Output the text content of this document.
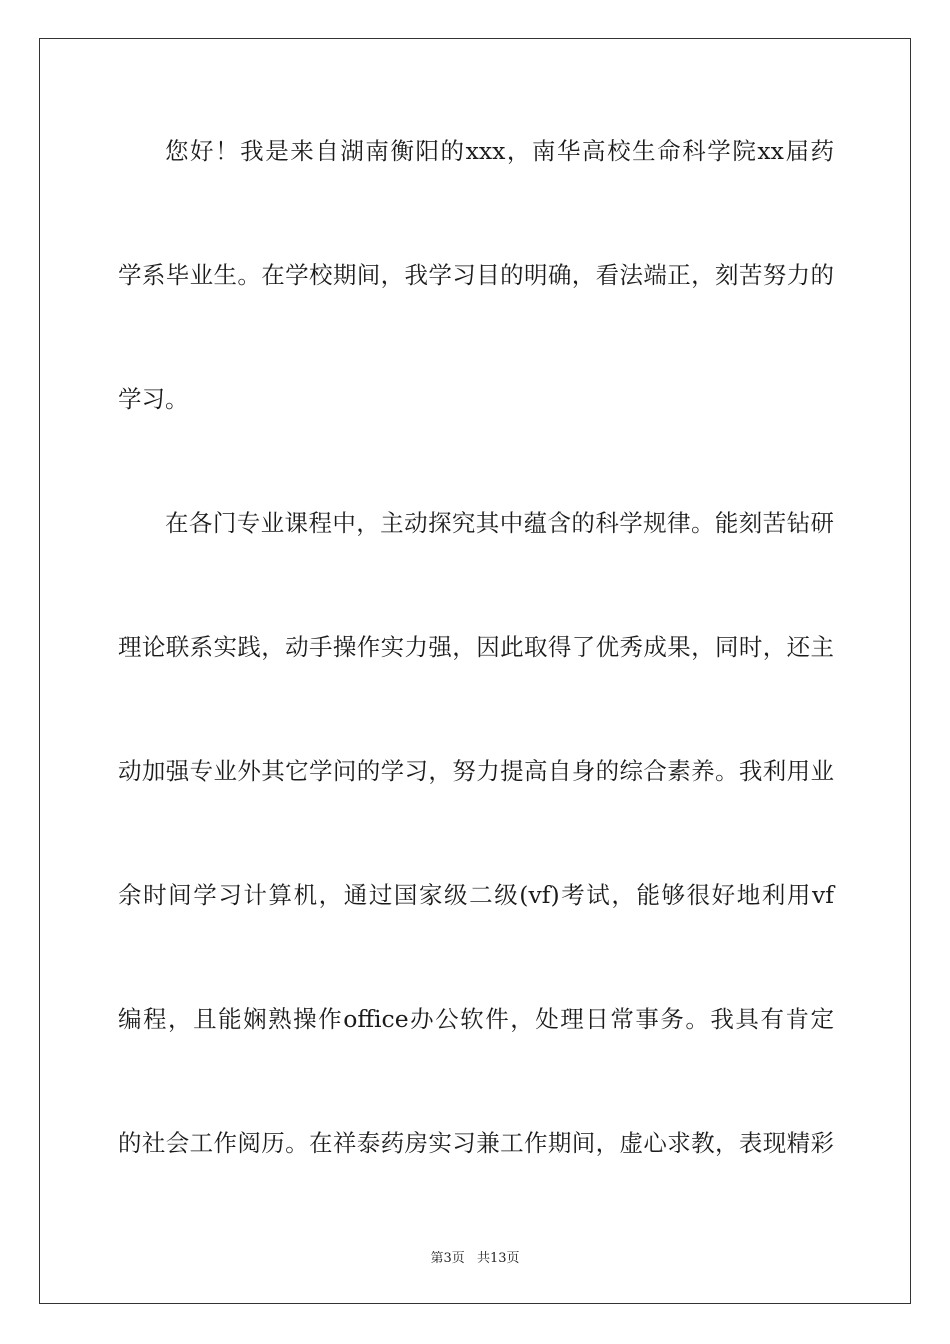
您好！我是来自湖南衡阳的xxx，南华高校生命科学院xx届药
学系毕业生。在学校期间，我学习目的明确，看法端正，刻苦努力的
学习。
在各门专业课程中，主动探究其中蕴含的科学规律。能刻苦钻研
理论联系实践，动手操作实力强，因此取得了优秀成果，同时，还主
动加强专业外其它学问的学习，努力提高自身的综合素养。我利用业
余时间学习计算机，通过国家级二级(vf)考试，能够很好地利用vf
编程，且能娴熟操作office办公软件，处理日常事务。我具有肯定
的社会工作阅历。在祥泰药房实习兼工作期间，虚心求教，表现精彩
第3页 共13页
